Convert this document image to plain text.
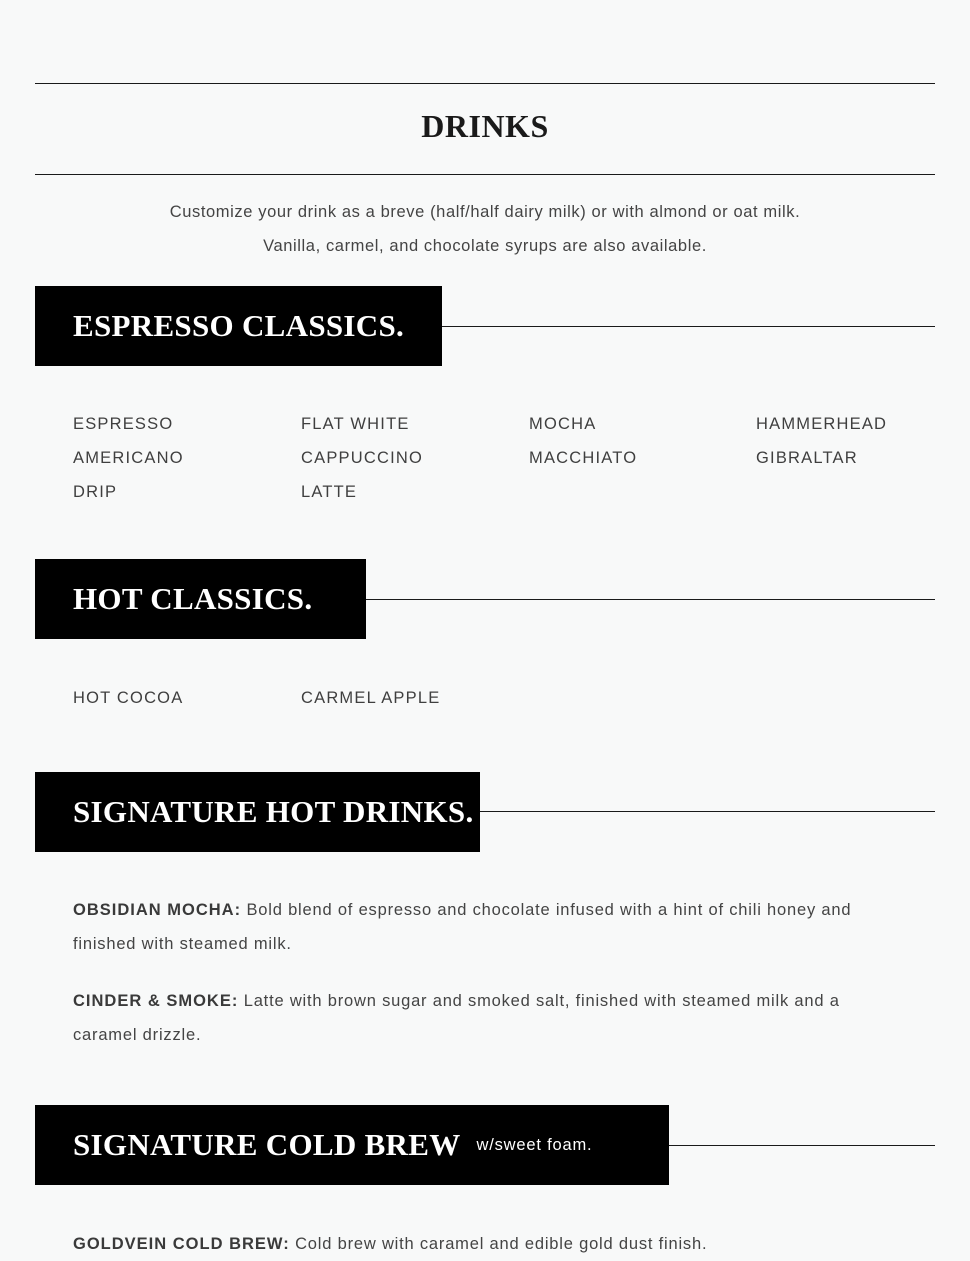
DRINKS
Customize your drink as a breve (half/half dairy milk) or with almond or oat milk.
Vanilla, carmel, and chocolate syrups are also available.
ESPRESSO CLASSICS.
ESPRESSO
AMERICANO
DRIP
FLAT WHITE
CAPPUCCINO
LATTE
MOCHA
MACCHIATO
HAMMERHEAD
GIBRALTAR
HOT CLASSICS.
HOT COCOA	CARMEL APPLE
SIGNATURE HOT DRINKS.
OBSIDIAN MOCHA: Bold blend of espresso and chocolate infused with a hint of chili honey and finished with steamed milk.
CINDER & SMOKE: Latte with brown sugar and smoked salt, finished with steamed milk and a caramel drizzle.
SIGNATURE COLD BREW w/sweet foam.
GOLDVEIN COLD BREW: Cold brew with caramel and edible gold dust finish.
